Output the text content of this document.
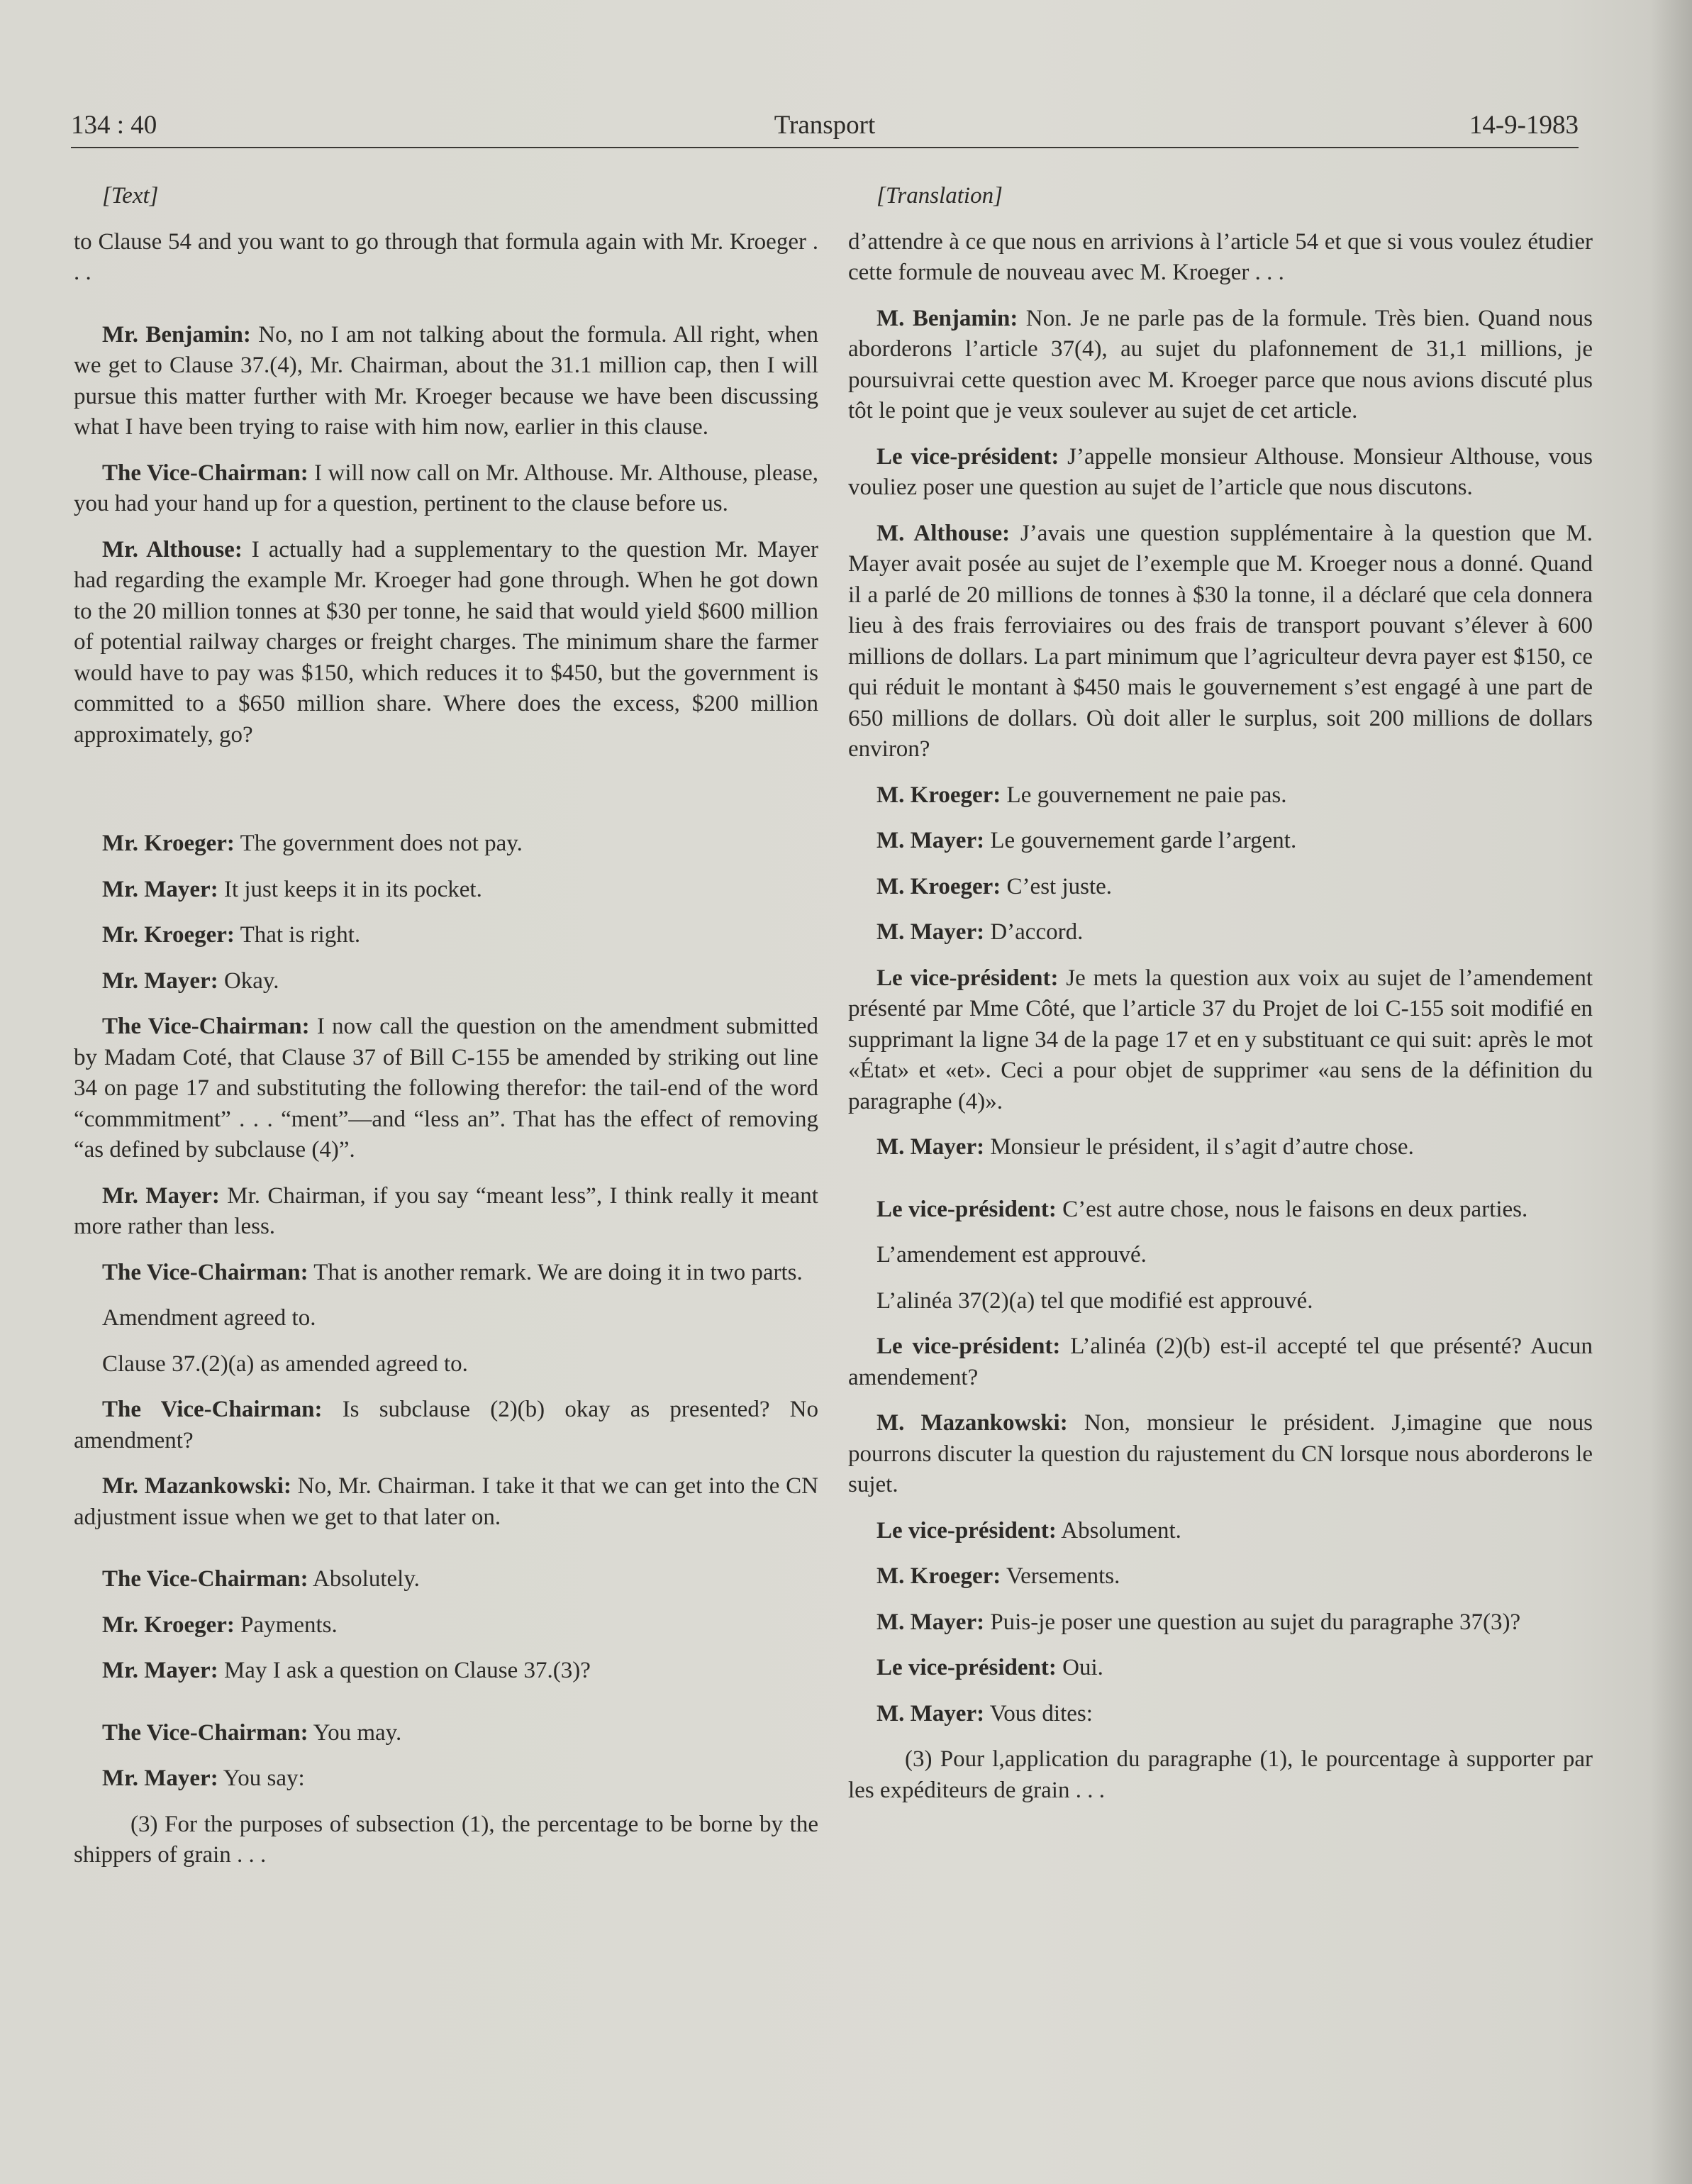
134 : 40	Transport	14-9-1983

[Text]

to Clause 54 and you want to go through that formula again with Mr. Kroeger . . .

Mr. Benjamin: No, no I am not talking about the formula. All right, when we get to Clause 37.(4), Mr. Chairman, about the 31.1 million cap, then I will pursue this matter further with Mr. Kroeger because we have been discussing what I have been trying to raise with him now, earlier in this clause.

The Vice-Chairman: I will now call on Mr. Althouse. Mr. Althouse, please, you had your hand up for a question, pertinent to the clause before us.

Mr. Althouse: I actually had a supplementary to the question Mr. Mayer had regarding the example Mr. Kroeger had gone through. When he got down to the 20 million tonnes at $30 per tonne, he said that would yield $600 million of potential railway charges or freight charges. The minimum share the farmer would have to pay was $150, which reduces it to $450, but the government is committed to a $650 million share. Where does the excess, $200 million approximately, go?

Mr. Kroeger: The government does not pay.

Mr. Mayer: It just keeps it in its pocket.

Mr. Kroeger: That is right.

Mr. Mayer: Okay.

The Vice-Chairman: I now call the question on the amendment submitted by Madam Coté, that Clause 37 of Bill C-155 be amended by striking out line 34 on page 17 and substituting the following therefor: the tail-end of the word “commmitment” . . . “ment”—and “less an”. That has the effect of removing “as defined by subclause (4)”.

Mr. Mayer: Mr. Chairman, if you say “meant less”, I think really it meant more rather than less.

The Vice-Chairman: That is another remark. We are doing it in two parts.

Amendment agreed to.

Clause 37.(2)(a) as amended agreed to.

The Vice-Chairman: Is subclause (2)(b) okay as presented? No amendment?

Mr. Mazankowski: No, Mr. Chairman. I take it that we can get into the CN adjustment issue when we get to that later on.

The Vice-Chairman: Absolutely.

Mr. Kroeger: Payments.

Mr. Mayer: May I ask a question on Clause 37.(3)?

The Vice-Chairman: You may.

Mr. Mayer: You say:

(3) For the purposes of subsection (1), the percentage to be borne by the shippers of grain . . .

[Translation]

d’attendre à ce que nous en arrivions à l’article 54 et que si vous voulez étudier cette formule de nouveau avec M. Kroeger . . .

M. Benjamin: Non. Je ne parle pas de la formule. Très bien. Quand nous aborderons l’article 37(4), au sujet du plafonnement de 31,1 millions, je poursuivrai cette question avec M. Kroeger parce que nous avions discuté plus tôt le point que je veux soulever au sujet de cet article.

Le vice-président: J’appelle monsieur Althouse. Monsieur Althouse, vous vouliez poser une question au sujet de l’article que nous discutons.

M. Althouse: J’avais une question supplémentaire à la question que M. Mayer avait posée au sujet de l’exemple que M. Kroeger nous a donné. Quand il a parlé de 20 millions de tonnes à $30 la tonne, il a déclaré que cela donnera lieu à des frais ferroviaires ou des frais de transport pouvant s’élever à 600 millions de dollars. La part minimum que l’agriculteur devra payer est $150, ce qui réduit le montant à $450 mais le gouvernement s’est engagé à une part de 650 millions de dollars. Où doit aller le surplus, soit 200 millions de dollars environ?

M. Kroeger: Le gouvernement ne paie pas.

M. Mayer: Le gouvernement garde l’argent.

M. Kroeger: C’est juste.

M. Mayer: D’accord.

Le vice-président: Je mets la question aux voix au sujet de l’amendement présenté par Mme Côté, que l’article 37 du Projet de loi C-155 soit modifié en supprimant la ligne 34 de la page 17 et en y substituant ce qui suit: après le mot «État» et «et». Ceci a pour objet de supprimer «au sens de la définition du paragraphe (4)».

M. Mayer: Monsieur le président, il s’agit d’autre chose.

Le vice-président: C’est autre chose, nous le faisons en deux parties.

L’amendement est approuvé.

L’alinéa 37(2)(a) tel que modifié est approuvé.

Le vice-président: L’alinéa (2)(b) est-il accepté tel que présenté? Aucun amendement?

M. Mazankowski: Non, monsieur le président. J,imagine que nous pourrons discuter la question du rajustement du CN lorsque nous aborderons le sujet.

Le vice-président: Absolument.

M. Kroeger: Versements.

M. Mayer: Puis-je poser une question au sujet du paragraphe 37(3)?

Le vice-président: Oui.

M. Mayer: Vous dites:

(3) Pour l,application du paragraphe (1), le pourcentage à supporter par les expéditeurs de grain . . .
